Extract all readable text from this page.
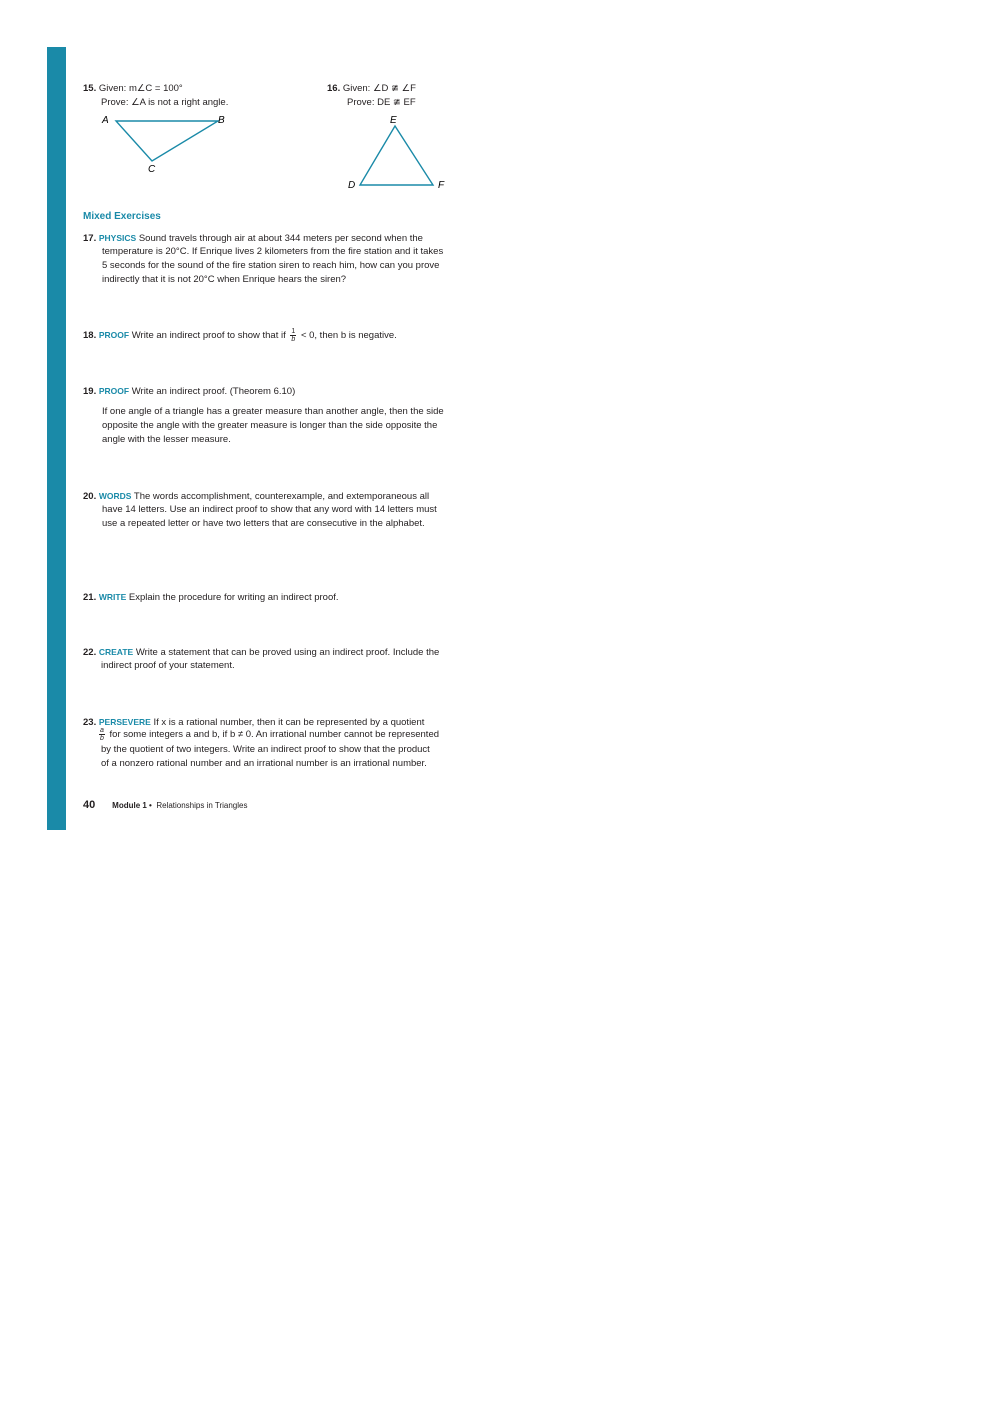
15. Given: m∠C = 100°
Prove: ∠A is not a right angle.
A	B
C
16. Given: ∠D ≇ ∠F
Prove: DE ≇ EF
E
D	F
Mixed Exercises
17. PHYSICS Sound travels through air at about 344 meters per second when the
temperature is 20°C. If Enrique lives 2 kilometers from the fire station and it takes
5 seconds for the sound of the fire station siren to reach him, how can you prove
indirectly that it is not 20°C when Enrique hears the siren?
18. PROOF Write an indirect proof to show that if $\frac{1}{b} < 0$, then b is negative.
19. PROOF Write an indirect proof. (Theorem 6.10)
If one angle of a triangle has a greater measure than another angle, then the side
opposite the angle with the greater measure is longer than the side opposite the
angle with the lesser measure.
20. WORDS The words accomplishment, counterexample, and extemporaneous all
have 14 letters. Use an indirect proof to show that any word with 14 letters must
use a repeated letter or have two letters that are consecutive in the alphabet.
21. WRITE Explain the procedure for writing an indirect proof.
22. CREATE Write a statement that can be proved using an indirect proof. Include the
indirect proof of your statement.
23. PERSEVERE If x is a rational number, then it can be represented by a quotient
$\frac{a}{b}$ for some integers a and b, if b ≠ 0. An irrational number cannot be represented
by the quotient of two integers. Write an indirect proof to show that the product
of a nonzero rational number and an irrational number is an irrational number.
40 Module 1 • Relationships in Triangles
